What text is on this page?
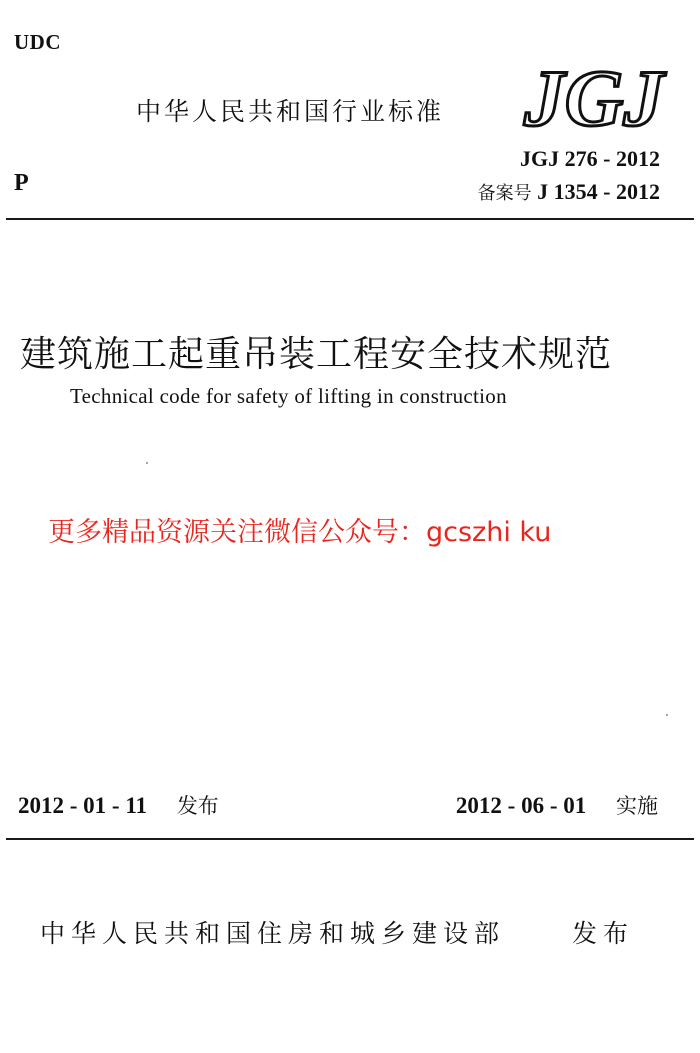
UDC
中华人民共和国行业标准 JGJ
JGJ 276 - 2012
P	备案号 J 1354 - 2012
建筑施工起重吊装工程安全技术规范
Technical code for safety of lifting in construction
更多精品资源关注微信公众号：gcszhi ku
2012 - 01 - 11 发布	2012 - 06 - 01 实施
中华人民共和国住房和城乡建设部	发布
